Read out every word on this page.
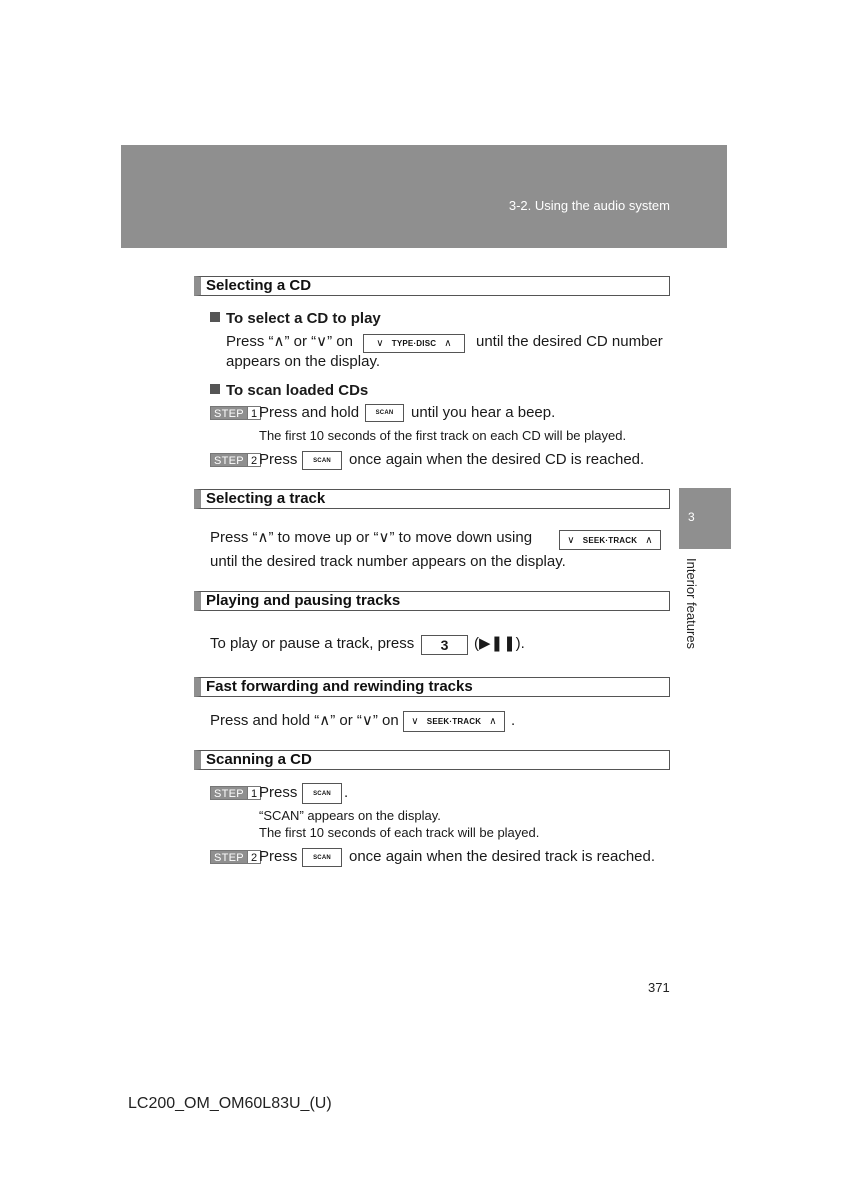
3-2. Using the audio system
3
Interior features
Selecting a CD
To select a CD to play
Press “∧” or “∨” on ∨ TYPE·DISC ∧ until the desired CD number
appears on the display.
To scan loaded CDs
STEP 1 Press and hold	SCAN	until you hear a beep.
The first 10 seconds of the first track on each CD will be played.
STEP 2 Press	SCAN	once again when the desired CD is reached.
Selecting a track
Press “∧” to move up or “∨” to move down using	∨ SEEK·TRACK ∧
until the desired track number appears on the display.
Playing and pausing tracks
To play or pause a track, press	3	(▶❚❚).
Fast forwarding and rewinding tracks
Press and hold “∧” or “∨” on ∨ SEEK·TRACK ∧ .
Scanning a CD
STEP 1 Press	SCAN .
“SCAN” appears on the display.
The first 10 seconds of each track will be played.
STEP 2 Press	SCAN	once again when the desired track is reached.
371
LC200_OM_OM60L83U_(U)
